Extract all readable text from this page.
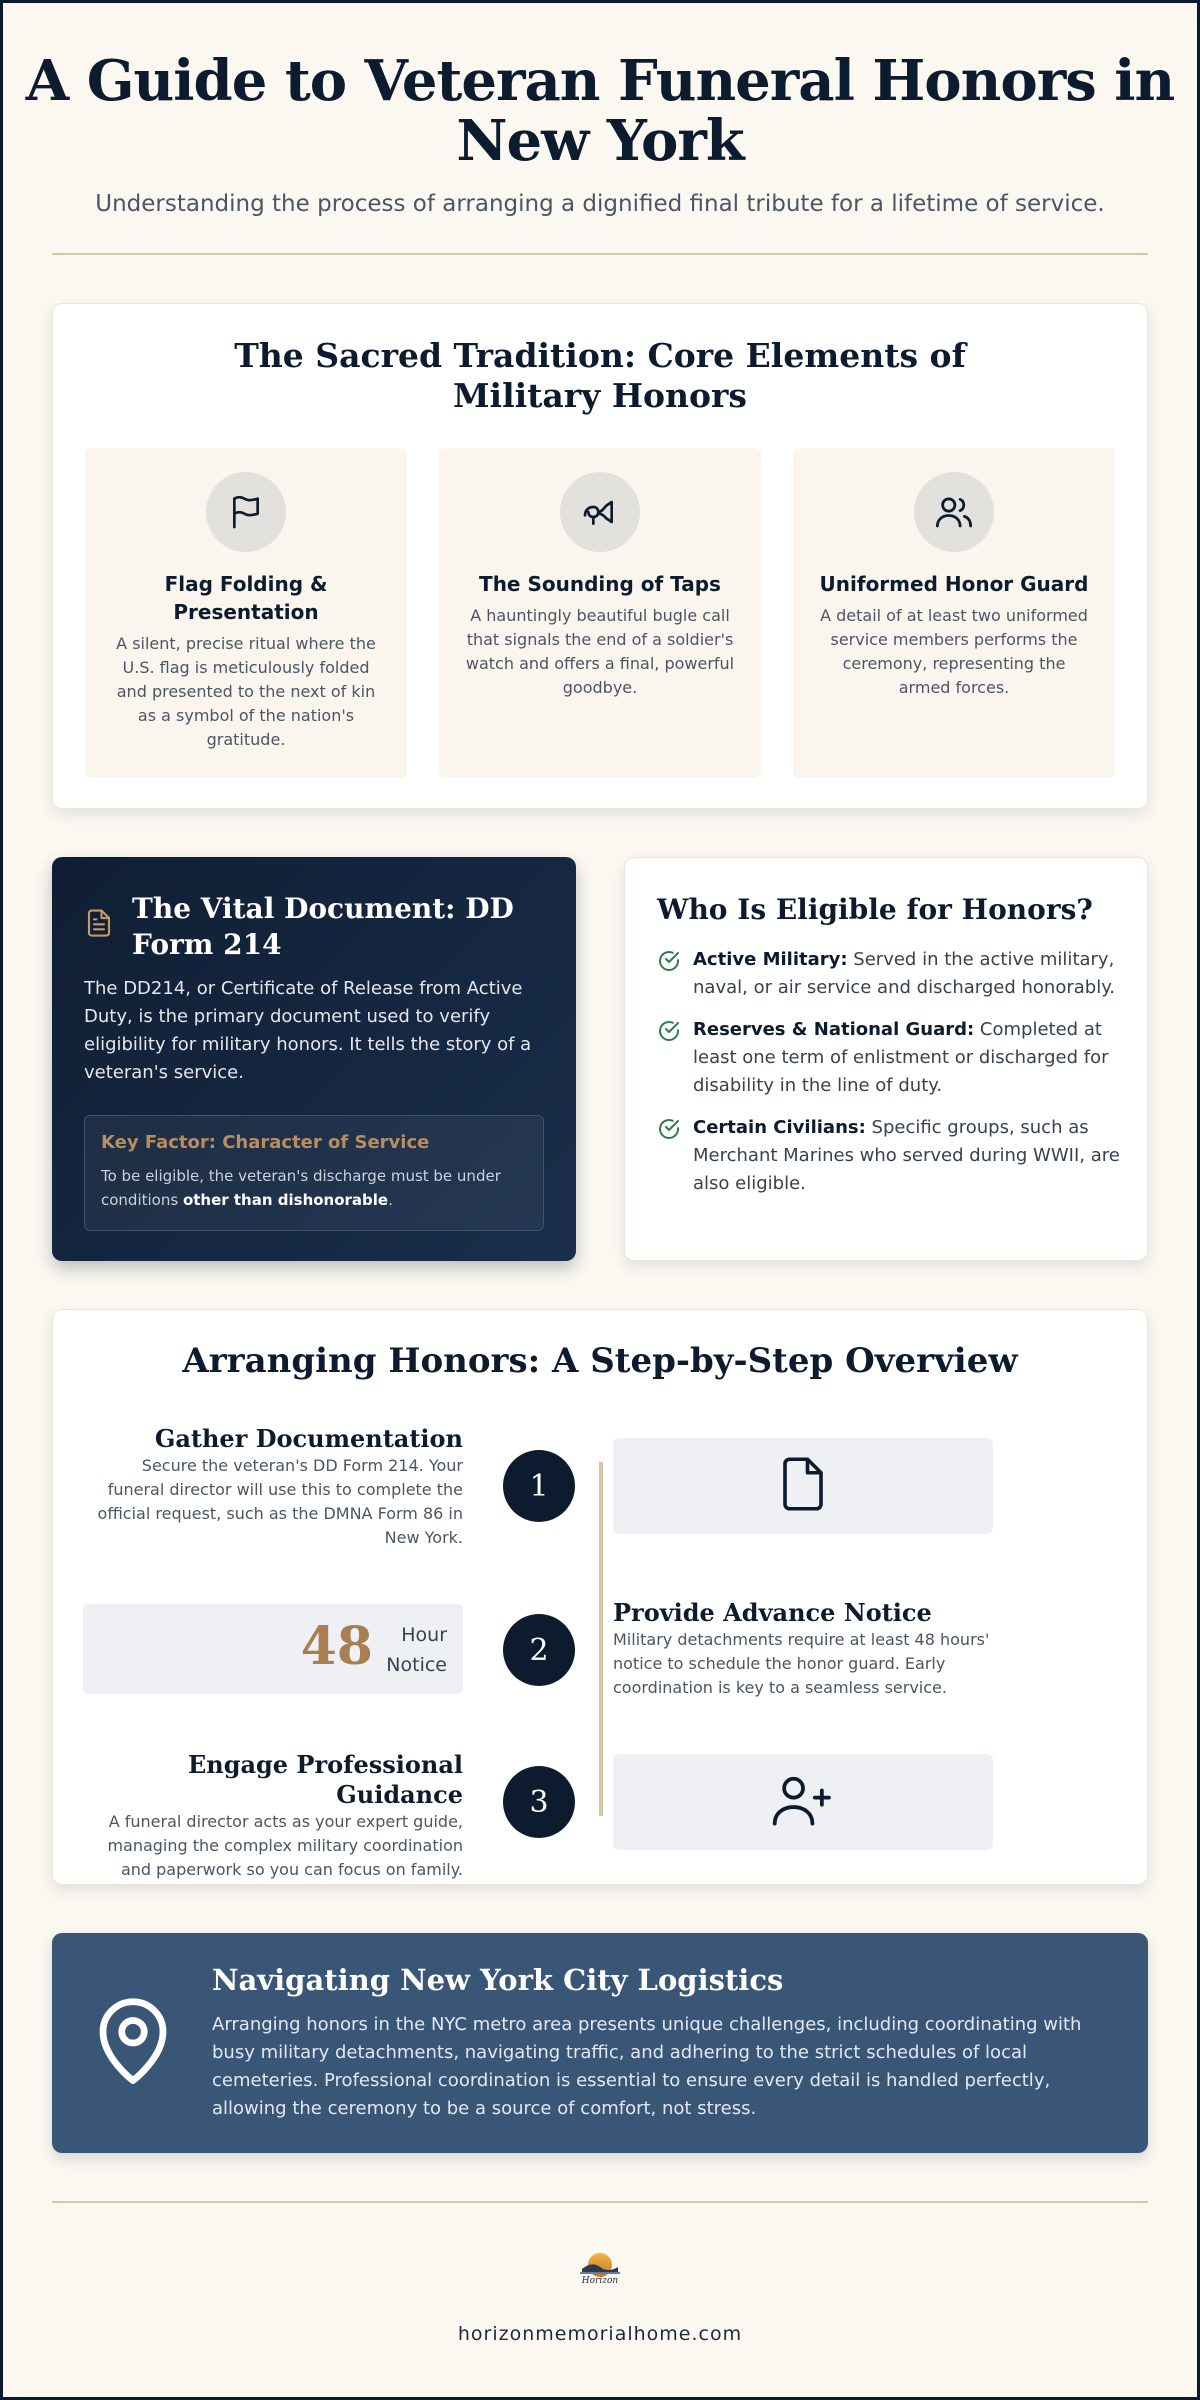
A Guide to Veteran Funeral Honors in New York

Understanding the process of arranging a dignified final tribute for a lifetime of service.

The Sacred Tradition: Core Elements of Military Honors
Flag Folding & Presentation
A silent, precise ritual where the U.S. flag is meticulously folded and presented to the next of kin as a symbol of the nation's gratitude.
The Sounding of Taps
A hauntingly beautiful bugle call that signals the end of a soldier's watch and offers a final, powerful goodbye.
Uniformed Honor Guard
A detail of at least two uniformed service members performs the ceremony, representing the armed forces.
The Vital Document: DD Form 214

The DD214, or Certificate of Release from Active Duty, is the primary document used to verify eligibility for military honors. It tells the story of a veteran's service.

Key Factor: Character of Service
To be eligible, the veteran's discharge must be under conditions other than dishonorable.
Who Is Eligible for Honors?
Active Military: Served in the active military, naval, or air service and discharged honorably.
Reserves & National Guard: Completed at least one term of enlistment or discharged for disability in the line of duty.
Certain Civilians: Specific groups, such as Merchant Marines who served during WWII, are also eligible.
Arranging Honors: A Step-by-Step Overview
Gather Documentation
Secure the veteran's DD Form 214. Your funeral director will use this to complete the official request, such as the DMNA Form 86 in New York.
1
48	Hour
Notice	2
Provide Advance Notice
Military detachments require at least 48 hours' notice to schedule the honor guard. Early coordination is key to a seamless service.
Engage Professional Guidance
A funeral director acts as your expert guide, managing the complex military coordination and paperwork so you can focus on family.
3
Navigating New York City Logistics

Arranging honors in the NYC metro area presents unique challenges, including coordinating with busy military detachments, navigating traffic, and adhering to the strict schedules of local cemeteries. Professional coordination is essential to ensure every detail is handled perfectly, allowing the ceremony to be a source of comfort, not stress.

Horizon
horizonmemorialhome.com
